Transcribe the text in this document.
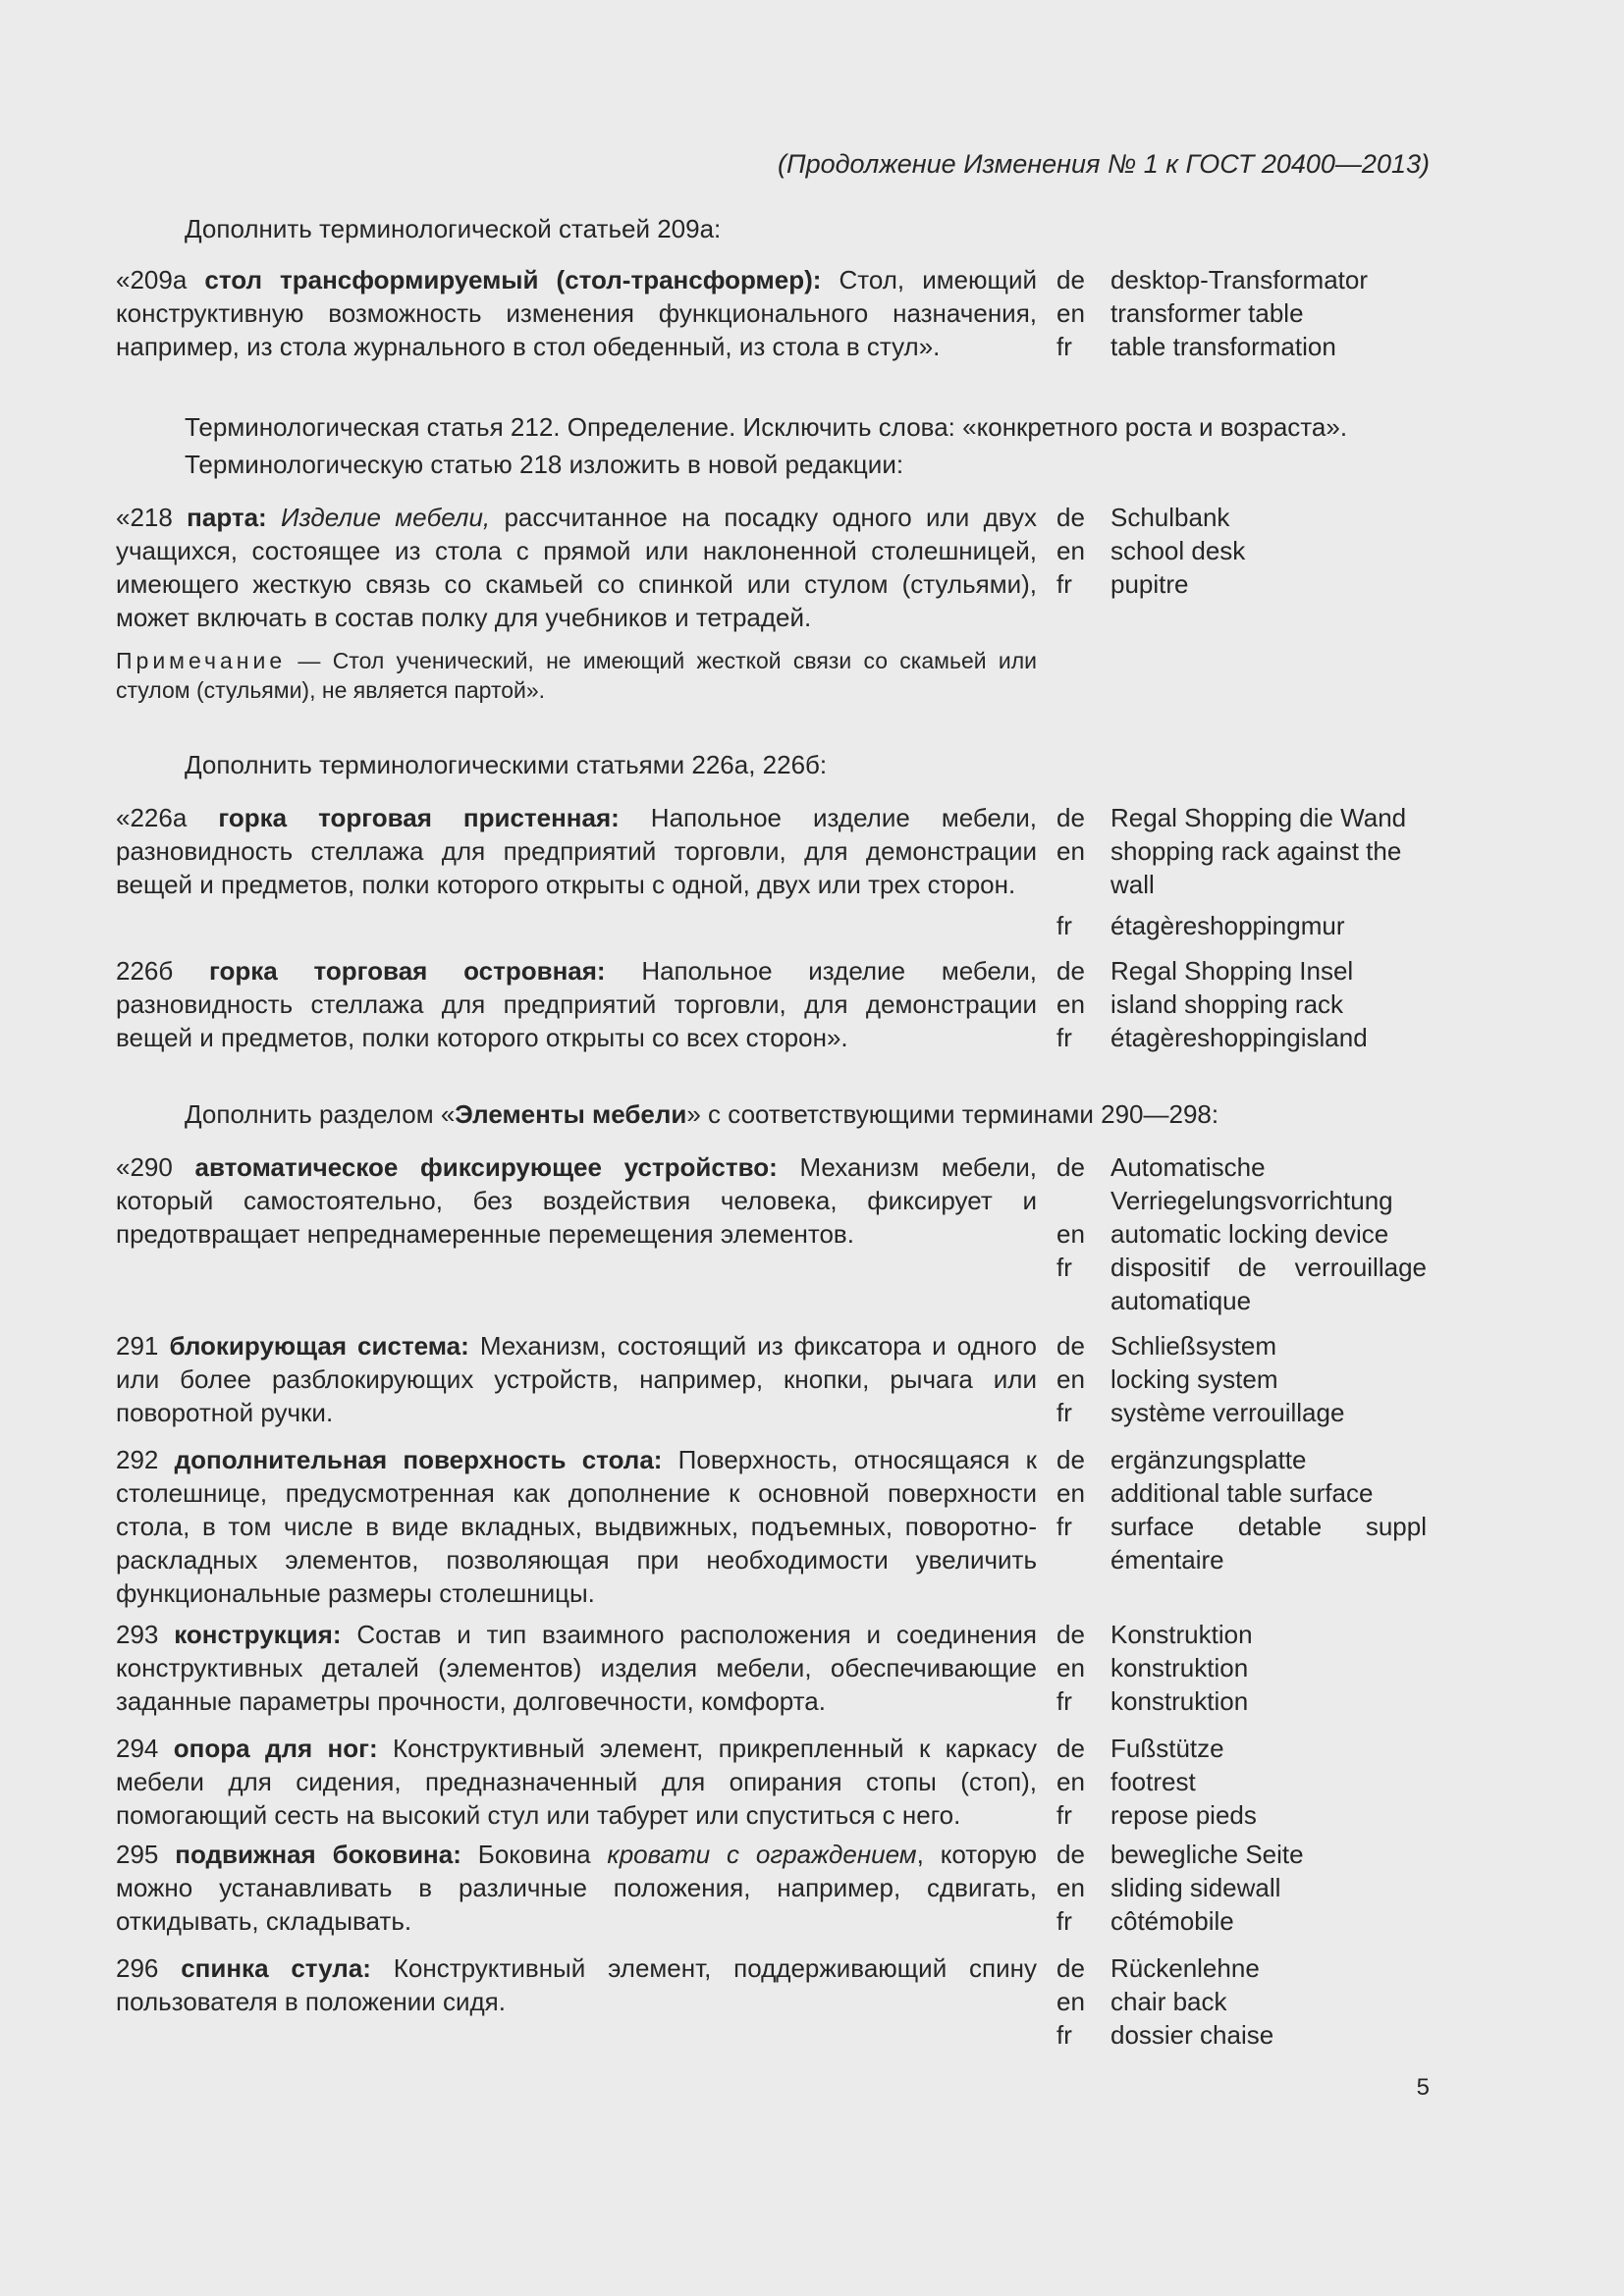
(Продолжение Изменения № 1 к ГОСТ 20400—2013)
Дополнить терминологической статьей 209а:
«209а стол трансформируемый (стол-трансформер): Стол, имеющий конструктивную возможность изменения функционального назначения, например, из стола журнального в стол обеденный, из стола в стул».
de	desktop-Transformator
en	transformer table
fr	table transformation
Терминологическая статья 212. Определение. Исключить слова: «конкретного роста и возраста».
Терминологическую статью 218 изложить в новой редакции:
«218 парта: Изделие мебели, рассчитанное на посадку одного или двух учащихся, состоящее из стола с прямой или наклоненной столешницей, имеющего жесткую связь со скамьей со спинкой или стулом (стульями), может включать в состав полку для учебников и тетрадей.
Примечание — Стол ученический, не имеющий жесткой связи со скамьей или стулом (стульями), не является партой».
de	Schulbank
en	school desk
fr	pupitre
Дополнить терминологическими статьями 226а, 226б:
«226а горка торговая пристенная: Напольное изделие мебели, разновидность стеллажа для предприятий торговли, для демонстрации вещей и предметов, полки которого открыты с одной, двух или трех сторон.
de	Regal Shopping die Wand
en	shopping rack against the wall
fr	étagèreshoppingmur
226б горка торговая островная: Напольное изделие мебели, разновидность стеллажа для предприятий торговли, для демонстрации вещей и предметов, полки которого открыты со всех сторон».
de	Regal Shopping Insel
en	island shopping rack
fr	étagèreshoppingisland
Дополнить разделом «Элементы мебели» с соответствующими терминами 290—298:
«290 автоматическое фиксирующее устройство: Механизм мебели, который самостоятельно, без воздействия человека, фиксирует и предотвращает непреднамеренные перемещения элементов.
de	Automatische Verriegelungsvorrichtung
en	automatic locking device
fr	dispositif de verrouillage automatique
291 блокирующая система: Механизм, состоящий из фиксатора и одного или более разблокирующих устройств, например, кнопки, рычага или поворотной ручки.
de	Schließsystem
en	locking system
fr	système verrouillage
292 дополнительная поверхность стола: Поверхность, относящаяся к столешнице, предусмотренная как дополнение к основной поверхности стола, в том числе в виде вкладных, выдвижных, подъемных, поворотно-раскладных элементов, позволяющая при необходимости увеличить функциональные размеры столешницы.
de	ergänzungsplatte
en	additional table surface
fr	surface detable suppl émentaire
293 конструкция: Состав и тип взаимного расположения и соединения конструктивных деталей (элементов) изделия мебели, обеспечивающие заданные параметры прочности, долговечности, комфорта.
de	Konstruktion
en	konstruktion
fr	konstruktion
294 опора для ног: Конструктивный элемент, прикрепленный к каркасу мебели для сидения, предназначенный для опирания стопы (стоп), помогающий сесть на высокий стул или табурет или спуститься с него.
de	Fußstütze
en	footrest
fr	repose pieds
295 подвижная боковина: Боковина кровати с ограждением, которую можно устанавливать в различные положения, например, сдвигать, откидывать, складывать.
de	bewegliche Seite
en	sliding sidewall
fr	côtémobile
296 спинка стула: Конструктивный элемент, поддерживающий спину пользователя в положении сидя.
de	Rückenlehne
en	chair back
fr	dossier chaise
5
